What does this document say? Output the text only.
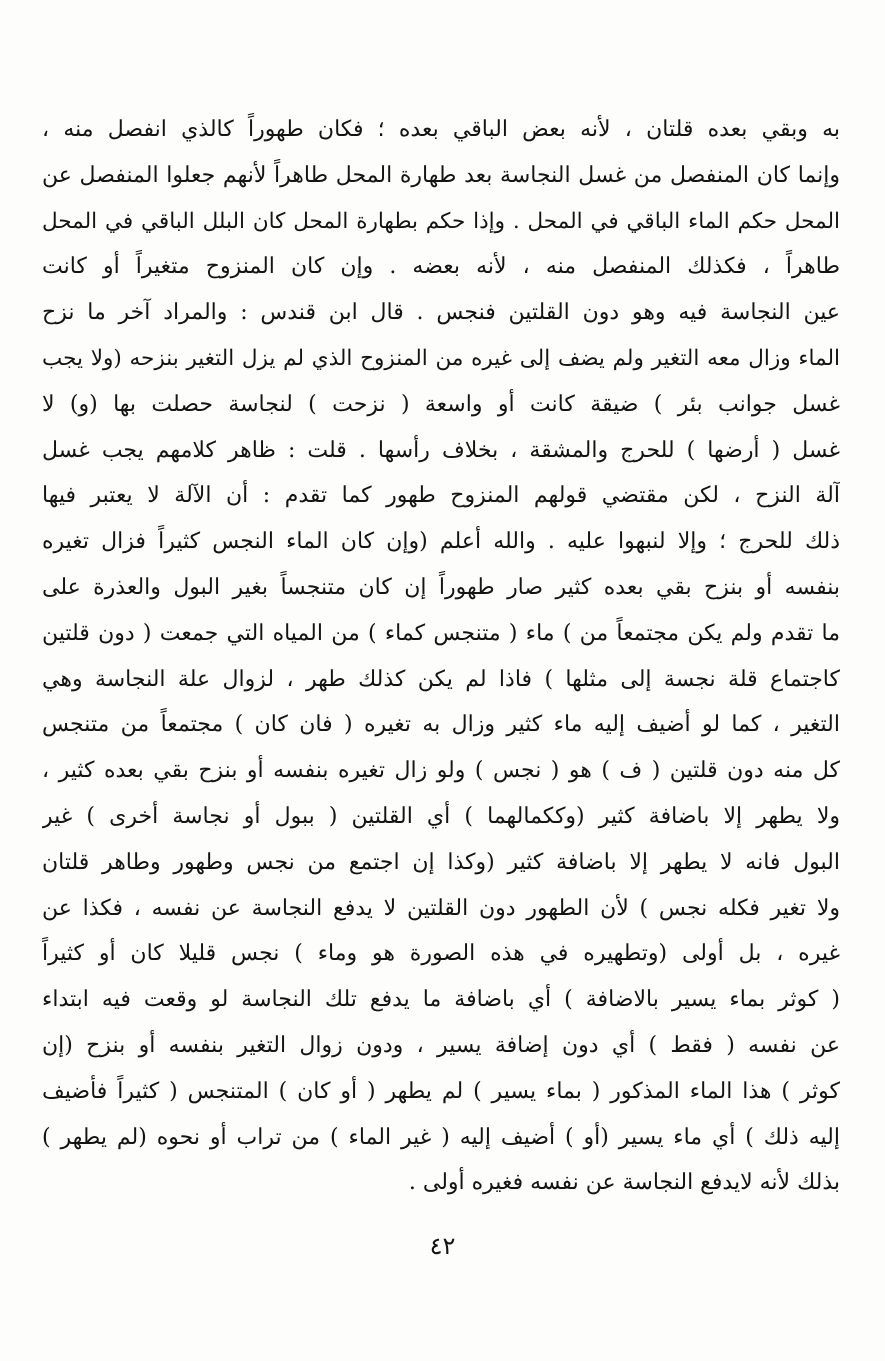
به وبقي بعده قلتان ، لأنه بعض الباقي بعده ؛ فكان طهوراً كالذي انفصل منه ،
وإنما كان المنفصل من غسل النجاسة بعد طهارة المحل طاهراً لأنهم جعلوا المنفصل عن
المحل حكم الماء الباقي في المحل . وإذا حكم بطهارة المحل كان البلل الباقي في المحل
طاهراً ، فكذلك المنفصل منه ، لأنه بعضه . وإن كان المنزوح متغيراً أو كانت
عين النجاسة فيه وهو دون القلتين فنجس . قال ابن قندس : والمراد آخر ما نزح
الماء وزال معه التغير ولم يضف إلى غيره من المنزوح الذي لم يزل التغير بنزحه (ولا يجب
غسل جوانب بئر ) ضيقة كانت أو واسعة ( نزحت ) لنجاسة حصلت بها (و) لا
غسل ( أرضها ) للحرج والمشقة ، بخلاف رأسها . قلت : ظاهر كلامهم يجب غسل
آلة النزح ، لكن مقتضي قولهم المنزوح طهور كما تقدم : أن الآلة لا يعتبر فيها
ذلك للحرج ؛ وإلا لنبهوا عليه . والله أعلم (وإن كان الماء النجس كثيراً فزال تغيره
بنفسه أو بنزح بقي بعده كثير صار طهوراً إن كان متنجساً بغير البول والعذرة على
ما تقدم ولم يكن مجتمعاً من ) ماء ( متنجس كماء ) من المياه التي جمعت ( دون قلتين
كاجتماع قلة نجسة إلى مثلها ) فاذا لم يكن كذلك طهر ، لزوال علة النجاسة وهي
التغير ، كما لو أضيف إليه ماء كثير وزال به تغيره ( فان كان ) مجتمعاً من متنجس
كل منه دون قلتين ( ف ) هو ( نجس ) ولو زال تغيره بنفسه أو بنزح بقي بعده كثير ،
ولا يطهر إلا باضافة كثير (وككمالهما ) أي القلتين ( ببول أو نجاسة أخرى ) غير
البول فانه لا يطهر إلا باضافة كثير (وكذا إن اجتمع من نجس وطهور وطاهر قلتان
ولا تغير فكله نجس ) لأن الطهور دون القلتين لا يدفع النجاسة عن نفسه ، فكذا عن
غيره ، بل أولى (وتطهيره في هذه الصورة هو وماء ) نجس قليلا كان أو كثيراً
( كوثر بماء يسير بالاضافة ) أي باضافة ما يدفع تلك النجاسة لو وقعت فيه ابتداء
عن نفسه ( فقط ) أي دون إضافة يسير ، ودون زوال التغير بنفسه أو بنزح (إن
كوثر ) هذا الماء المذكور ( بماء يسير ) لم يطهر ( أو كان ) المتنجس ( كثيراً فأضيف
إليه ذلك ) أي ماء يسير (أو ) أضيف إليه ( غير الماء ) من تراب أو نحوه (لم يطهر )
بذلك لأنه لايدفع النجاسة عن نفسه فغيره أولى .
٤٢
